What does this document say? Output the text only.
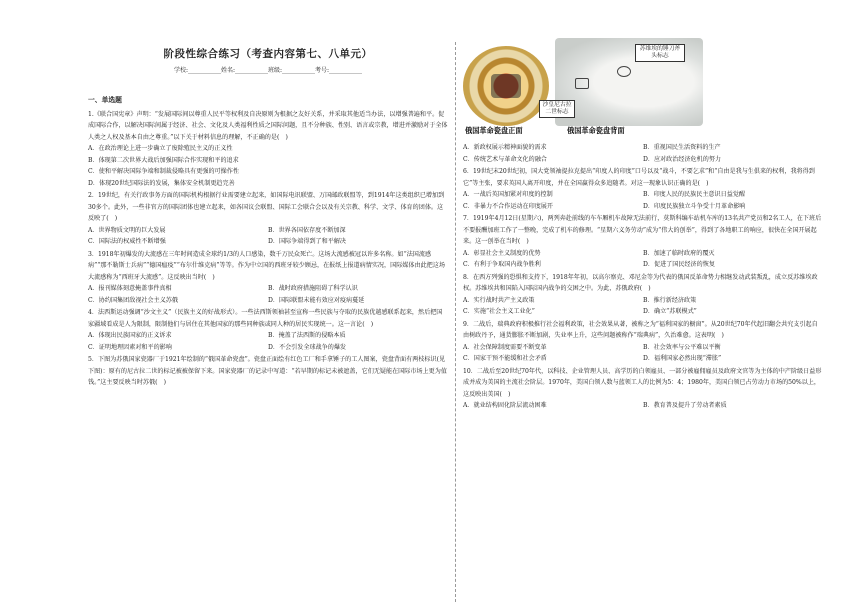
阶段性综合练习（考查内容第七、八单元）
学校:___________姓名:___________班级:___________考号:___________

一、单选题

1.《联合国宪章》声明：“发展国际间以尊重人民平等权利及自决原则为根据之友好关系，并采取其他适当办法，以增强普遍和平。促成国际合作，以解决国际间属于经济、社会、文化及人类福利性质之国际问题，且不分种族、性别、语言或宗教，增进并激励对于全体人类之人权及基本自由之尊重。”以下关于材料信息的理解，不正确的是(　)

A．在政治理论上进一步确立了废除殖民主义的正义性

B．体现第二次世界大战后加强国际合作实现和平的追求

C．使和平解决国际争端和制裁侵略具有更强的可操作性

D．体现20世纪国际法的发展，集体安全机制更趋完善

2．19世纪，有关行政事务方面的国际机构根据行业需要建立起来，如国际电讯联盟、万国邮政联盟等，到1914年这类组织已增加到30多个。此外，一些非官方的国际团体也建立起来，如各国议会联盟、国际工会联合会以及有关宗教、科学、文学、体育的团体。这反映了(　)

A．世界物质文明的巨大发展	B．世界各国依存度不断加深

C．国际法的权威性不断增强	D．国际争端得到了和平解决

3．1918年初爆发的大流感在三年时间造成全球约1/3的人口感染，数千万民众死亡。这场大流感被冠以许多名称。如“法国流感病”“那不勒斯士兵病”“德国瘟疫”“布尔什维克病”等等。作为中立国的西班牙较少顾忌，在报纸上报道病情实况，国际媒体由此把这场大流感称为“西班牙大流感”。这反映出当时(　)

A．报刊媒体刻意掩盖事件真相	B．战时政府措施阻碍了科学认识

C．协约国集团敌视社会主义苏俄	D．国际联盟未能有效应对疫病蔓延

4．法西斯运动强调“沙文主义”（民族主义的好战形式）。一些法西斯领袖甚至宣称一些民族与夺取的民族优越感联系起来，然后把国家疆域看成是人为限制，限制他们与居住在其他国家的那些同种族或同人种的居民实现统一。这一言论(　)

A．体现出民族国家的正义诉求	B．掩盖了法西斯的侵略本质

C．证明地理因素对和平的影响	D．不会引发全球战争的爆发

5．下图为苏俄国家瓷器厂于1921年绘制的“俄国革命瓷盘”。瓷盘正面绘有红色工厂和手拿锤子的工人图案，瓷盘背面有两枝标识(见下图)：原有的尼古拉二世的标记被被保留下来。国家瓷器厂的记录中写道：“若早期的标记未被遮盖，它们无疑能在国际市场上更为值钱。”这主要反映当时苏俄(　)

苏维埃的锤刀斧头标志
沙皇尼古拉二世标志
俄国革命瓷盘正面	俄国革命瓷盘背面

A．新政权展示精神面貌的需求	B．重视国民生活资料的生产

C．传统艺术与革命文化的融合	D．应对政治经济危机的努力

6．19世纪末20世纪初，国大党领袖提拉克提出“印度人的印度”口号以及“战斗，不要乞求”和“自由是我与生俱来的权利，我将得到它”等主张，要求英国人离开印度，并在全国赢得众多追随者。对这一现象认识正确的是(　)

A．一战后英国加紧对印度的控制	B．印度人民的民族民主意识日益觉醒

C．非暴力不合作运动在印度展开	D．印度民族独立斗争受十月革命影响

7．1919年4月12日(星期六)，两列奔赴前线的车车厢机车故障无法前行，莫斯科编车站机车库的13名共产党员和2名工人，在下班后不要报酬加班工作了一整晚，完成了机车的修理。“星期六义务劳动”成为“伟大的创举”，得到了各地职工的响应，很快在全国开展起来。这一创举在当时(　)

A．彰显社会主义制度的优势	B．加速了临时政府的覆灭

C．有利于争取国内战争胜利	D．促进了国民经济的恢复

8．在西方列强的恐惧和支持下，1918年年初，以高尔察克、邓尼金等为代表的俄国反革命势力相继发动武装叛乱，成立反苏维埃政权。苏维埃共和国陷入国际国内战争的交困之中。为此，苏俄政府(　)

A．实行战时共产主义政策	B．推行新经济政策

C．实施“社会主义工业化”	D．确立“苏联模式”

9．二战后，瑞典政府积极推行社会福利政策，社会效果从著，被称之为“福利国家的橱窗”。从20世纪70年代起旧翻会共究支引起自由树政丹予，通货膨胀不断加剧，失业率上升，这些问题被称作“瑞典病”，久治难愈。这表明(　)

A．社会保障制度需要不断变革	B．社会效率与公平难以平衡

C．国家干预不能缓和社会矛盾	D．福利国家必然出现“滞胀”

10．二战后至20世纪70年代，以科技、企业管理人员、高学历的白领雇员、一部分被雇佣雇员及政府文官等为主体的中产阶级日益形成并成为美国的主流社会阶层。1970年，美国白领人数与蓝领工人的比例为5：4；1980年，美国白领已占劳动力市场的50%以上，这反映出美国(　)

A．就业结构固化阶层流动困难	B．教育普及提升了劳动者素质
